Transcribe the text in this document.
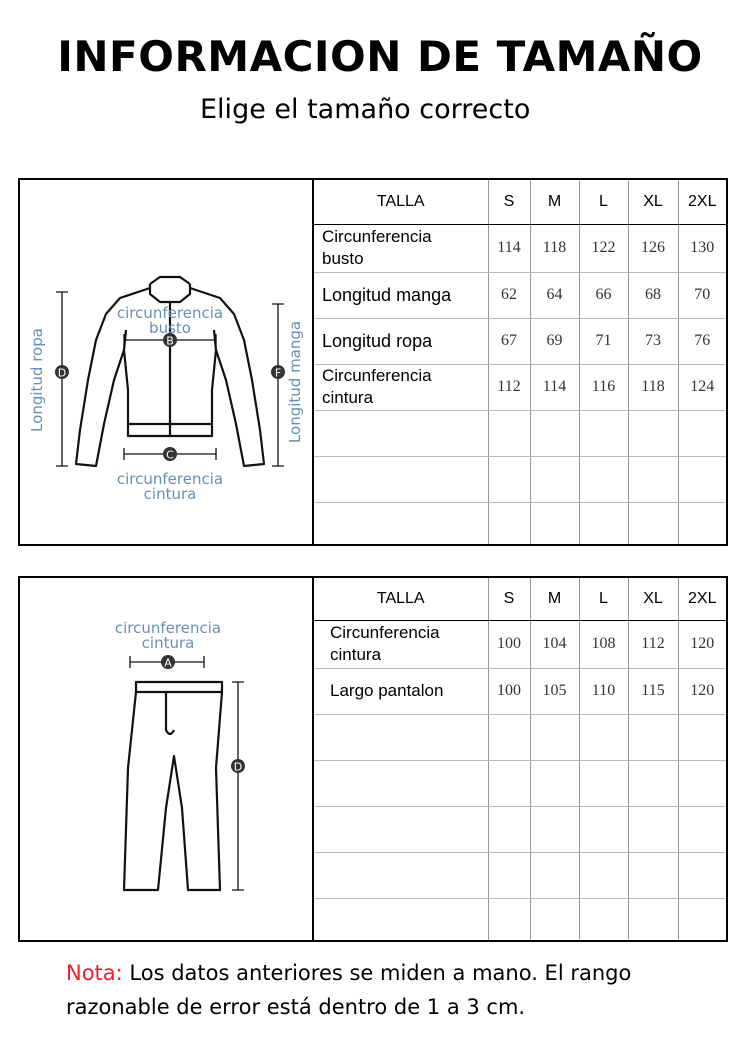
INFORMACION DE TAMAÑO
Elige el tamaño correcto
B
C
D	F
circunferencia
busto
circunferencia
cintura
Longitud ropa	Longitud manga
TALLA	S	M	L	XL	2XL
Circunferencia
busto	114	118	122	126	130
Longitud manga	62	64	66	68	70
Longitud ropa	67	69	71	73	76
Circunferencia
cintura	112	114	116	118	124

A
D
circunferencia
cintura
TALLA	S	M	L	XL	2XL
Circunferencia
cintura	100	104	108	112	120
Largo pantalon	100	105	110	115	120

Nota: Los datos anteriores se miden a mano. El rango razonable de error está dentro de 1 a 3 cm.
